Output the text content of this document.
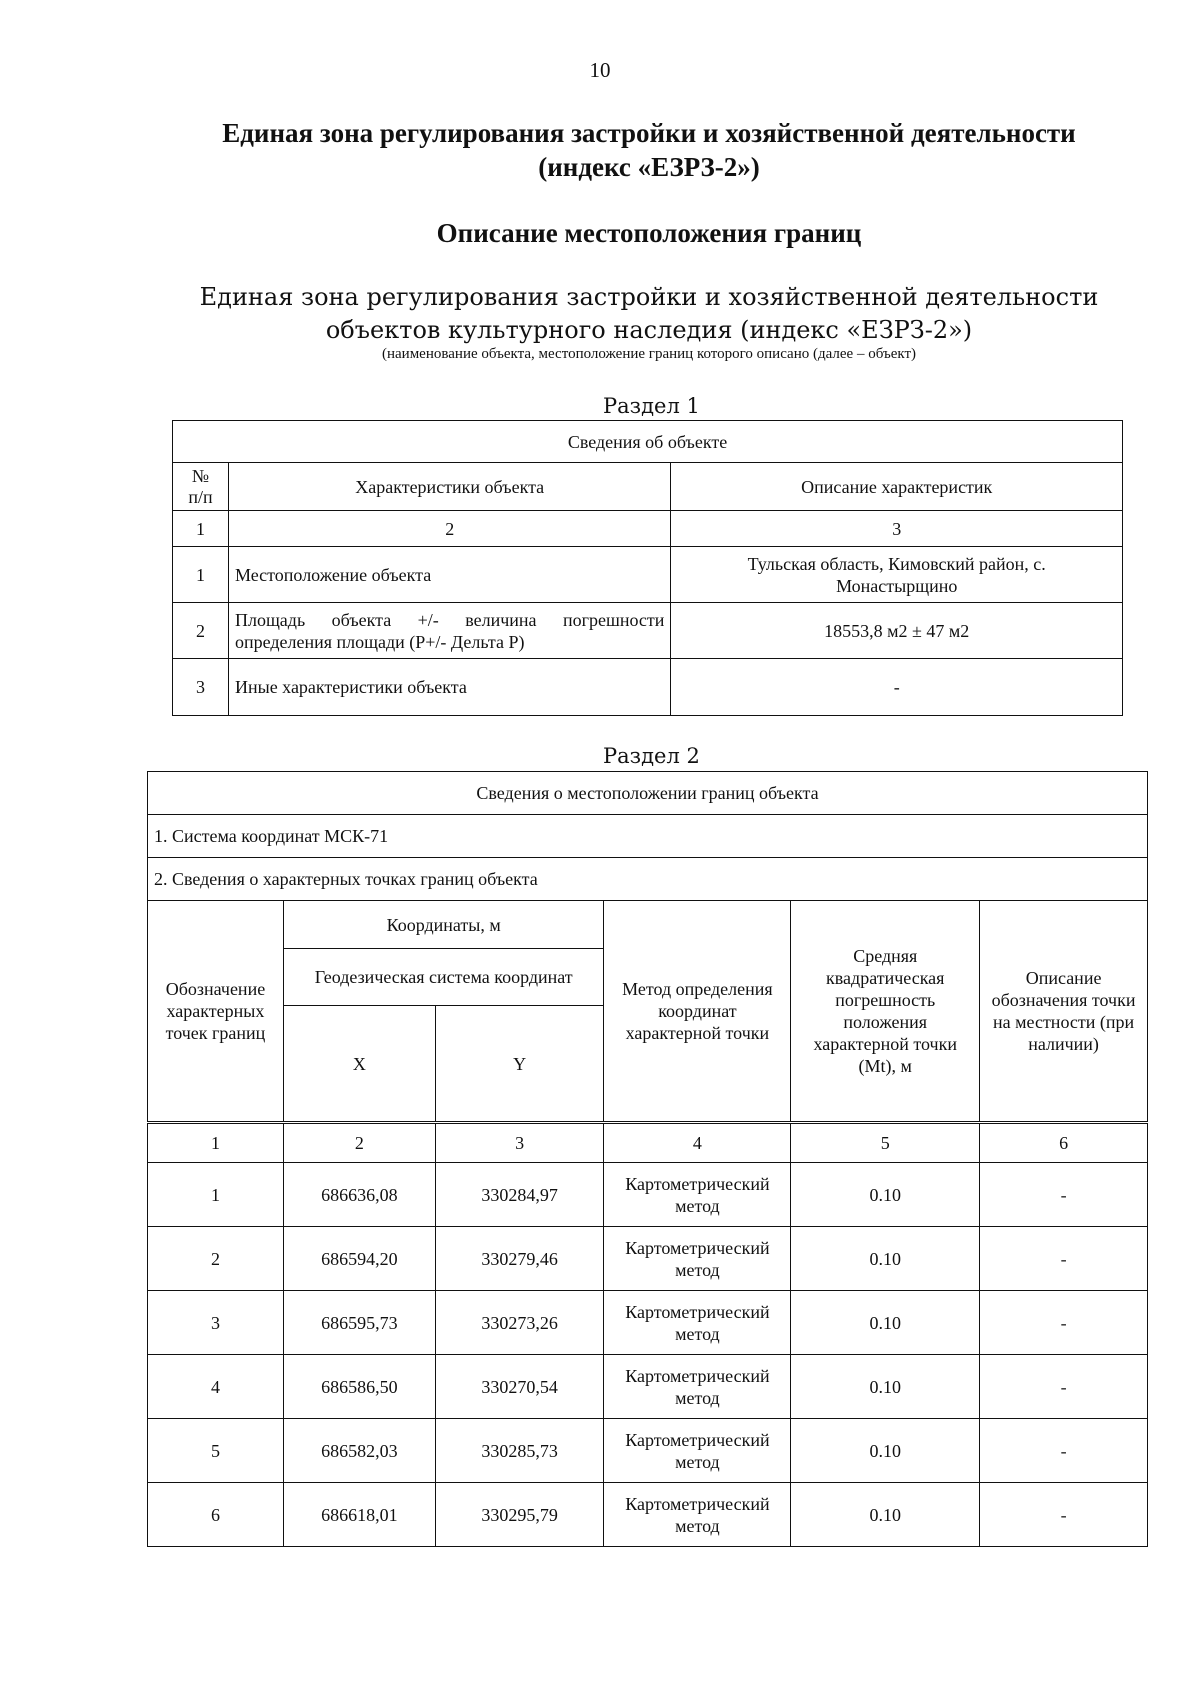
10
Единая зона регулирования застройки и хозяйственной деятельности
(индекс «ЕЗРЗ-2»)
Описание местоположения границ
Единая зона регулирования застройки и хозяйственной деятельности
объектов культурного наследия (индекс «ЕЗРЗ-2»)
(наименование объекта, местоположение границ которого описано (далее – объект)
Раздел 1
Сведения об объекте		
№ п/п	Характеристики объекта	Описание характеристик
1	2	3
1	Местоположение объекта	Тульская область, Кимовский район, с. Монастырщино
2	Площадь объекта +/- величина погрешности определения площади (P+/- Дельта P)	18553,8 м2 ± 47 м2
3	Иные характеристики объекта	-
Раздел 2
Сведения о местоположении границ объекта					
1. Система координат МСК-71					
2. Сведения о характерных точках границ объекта					
Обозначение характерных точек границ	Координаты, м		Метод определения координат характерной точки	Средняя квадратическая погрешность положения характерной точки (Mt), м	Описание обозначения точки на местности (при наличии)
	Геодезическая система координат				
	X	Y			
1	2	3	4	5	6
1	686636,08	330284,97	Картометрический метод	0.10	-
2	686594,20	330279,46	Картометрический метод	0.10	-
3	686595,73	330273,26	Картометрический метод	0.10	-
4	686586,50	330270,54	Картометрический метод	0.10	-
5	686582,03	330285,73	Картометрический метод	0.10	-
6	686618,01	330295,79	Картометрический метод	0.10	-
